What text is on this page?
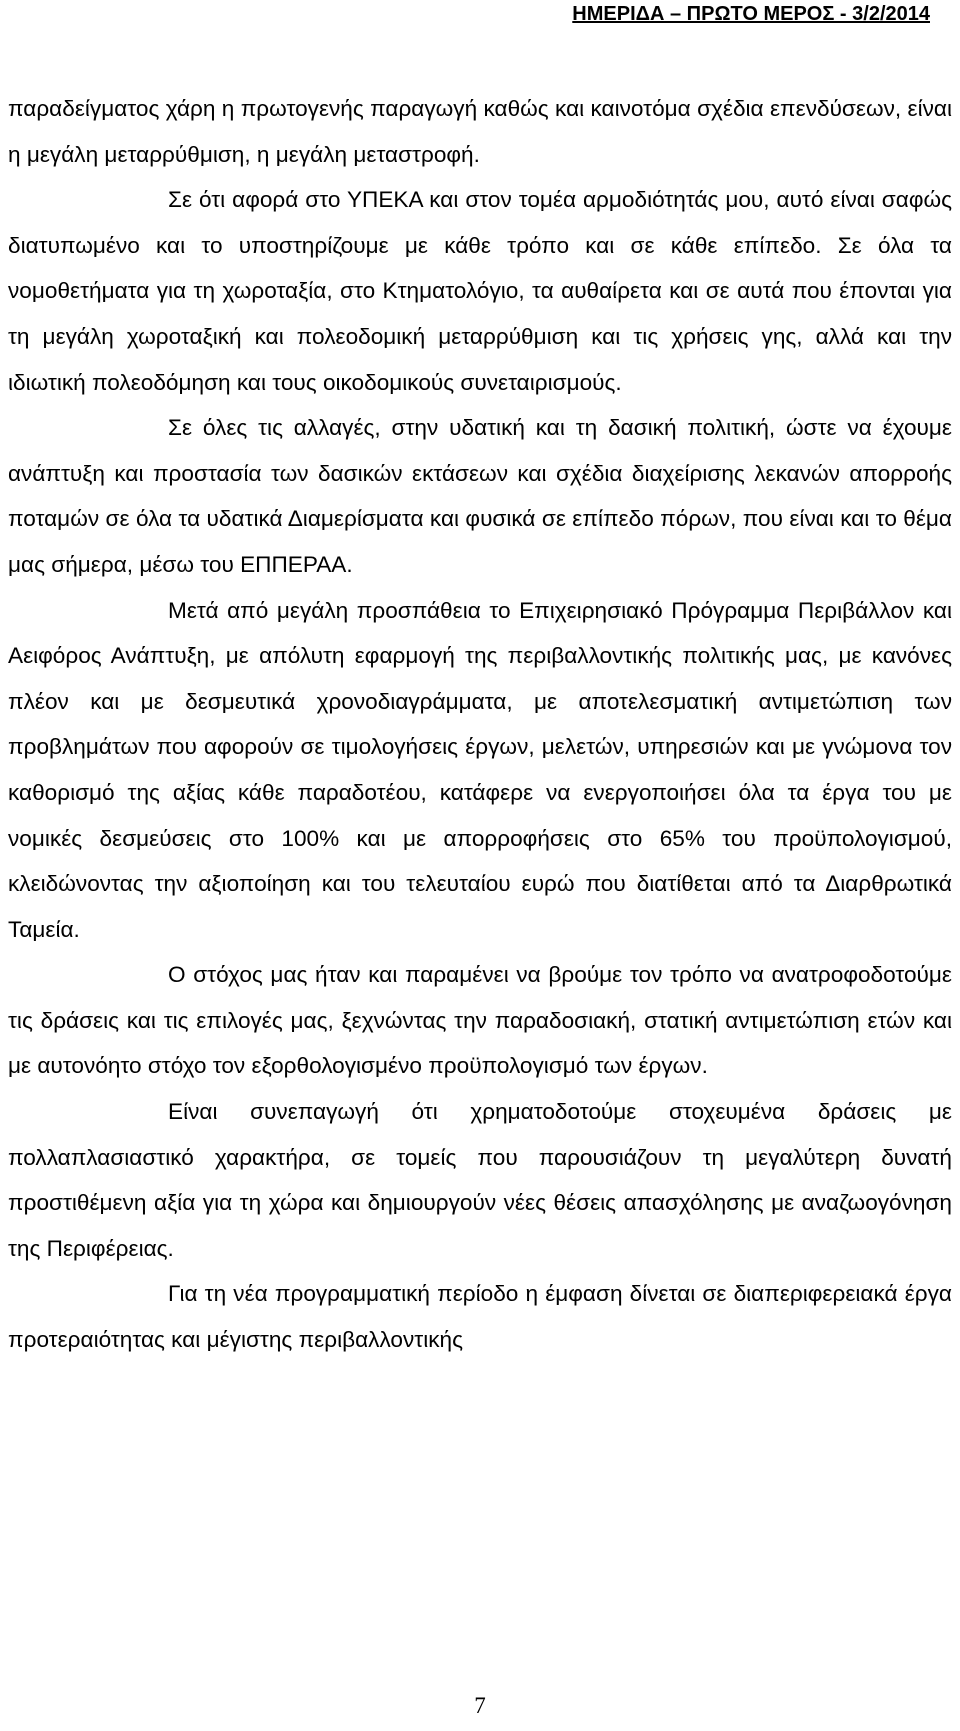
ΗΜΕΡΙΔΑ – ΠΡΩΤΟ ΜΕΡΟΣ - 3/2/2014

παραδείγματος χάρη η πρωτογενής παραγωγή καθώς και καινοτόμα σχέδια επενδύσεων, είναι η μεγάλη μεταρρύθμιση, η μεγάλη μεταστροφή.

Σε ότι αφορά στο ΥΠΕΚΑ και στον τομέα αρμοδιότητάς μου, αυτό είναι σαφώς διατυπωμένο και το υποστηρίζουμε με κάθε τρόπο και σε κάθε επίπεδο. Σε όλα τα νομοθετήματα για τη χωροταξία, στο Κτηματολόγιο, τα αυθαίρετα και σε αυτά που έπονται για τη μεγάλη χωροταξική και πολεοδομική μεταρρύθμιση και τις χρήσεις γης, αλλά και την ιδιωτική πολεοδόμηση και τους οικοδομικούς συνεταιρισμούς.

Σε όλες τις αλλαγές, στην υδατική και τη δασική πολιτική, ώστε να έχουμε ανάπτυξη και προστασία των δασικών εκτάσεων και σχέδια διαχείρισης λεκανών απορροής ποταμών σε όλα τα υδατικά Διαμερίσματα και φυσικά σε επίπεδο πόρων, που είναι και το θέμα μας σήμερα, μέσω του ΕΠΠΕΡΑΑ.

Μετά από μεγάλη προσπάθεια το Επιχειρησιακό Πρόγραμμα Περιβάλλον και Αειφόρος Ανάπτυξη, με απόλυτη εφαρμογή της περιβαλλοντικής πολιτικής μας, με κανόνες πλέον και με δεσμευτικά χρονοδιαγράμματα, με αποτελεσματική αντιμετώπιση των προβλημάτων που αφορούν σε τιμολογήσεις έργων, μελετών, υπηρεσιών και με γνώμονα τον καθορισμό της αξίας κάθε παραδοτέου, κατάφερε να ενεργοποιήσει όλα τα έργα του με νομικές δεσμεύσεις στο 100% και με απορροφήσεις στο 65% του προϋπολογισμού, κλειδώνοντας την αξιοποίηση και του τελευταίου ευρώ που διατίθεται από τα Διαρθρωτικά Ταμεία.

Ο στόχος μας ήταν και παραμένει να βρούμε τον τρόπο να ανατροφοδοτούμε τις δράσεις και τις επιλογές μας, ξεχνώντας την παραδοσιακή, στατική αντιμετώπιση ετών και με αυτονόητο στόχο τον εξορθολογισμένο προϋπολογισμό των έργων.

Είναι συνεπαγωγή ότι χρηματοδοτούμε στοχευμένα δράσεις με πολλαπλασιαστικό χαρακτήρα, σε τομείς που παρουσιάζουν τη μεγαλύτερη δυνατή προστιθέμενη αξία για τη χώρα και δημιουργούν νέες θέσεις απασχόλησης με αναζωογόνηση της Περιφέρειας.

Για τη νέα προγραμματική περίοδο η έμφαση δίνεται σε διαπεριφερειακά έργα προτεραιότητας και μέγιστης περιβαλλοντικής

7
